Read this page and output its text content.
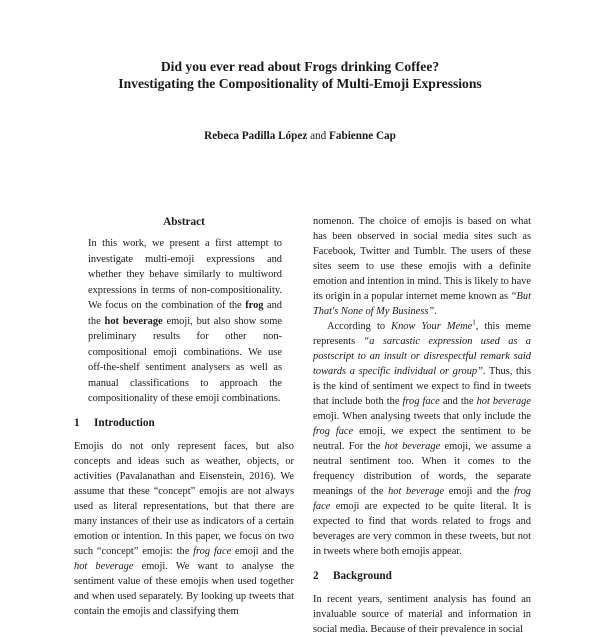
Did you ever read about Frogs drinking Coffee?
Investigating the Compositionality of Multi-Emoji Expressions
Rebeca Padilla López and Fabienne Cap
Abstract

In this work, we present a first attempt to investigate multi-emoji expressions and whether they behave similarly to multiword expressions in terms of non-compositionality. We focus on the combination of the frog and the hot beverage emoji, but also show some preliminary results for other non-compositional emoji combinations. We use off-the-shelf sentiment analysers as well as manual classifications to approach the compositionality of these emoji combinations.

1 Introduction

Emojis do not only represent faces, but also concepts and ideas such as weather, objects, or activities (Pavalanathan and Eisenstein, 2016). We assume that these “concept” emojis are not always used as literal representations, but that there are many instances of their use as indicators of a certain emotion or intention. In this paper, we focus on two such “concept” emojis: the frog face emoji and the hot beverage emoji. We want to analyse the sentiment value of these emojis when used together and when used separately. By looking up tweets that contain the emojis and classifying them

nomenon. The choice of emojis is based on what has been observed in social media sites such as Facebook, Twitter and Tumblr. The users of these sites seem to use these emojis with a definite emotion and intention in mind. This is likely to have its origin in a popular internet meme known as “But That's None of My Business”.

According to Know Your Meme$^1$, this meme represents “a sarcastic expression used as a postscript to an insult or disrespectful remark said towards a specific individual or group”. Thus, this is the kind of sentiment we expect to find in tweets that include both the frog face and the hot beverage emoji. When analysing tweets that only include the frog face emoji, we expect the sentiment to be neutral. For the hot beverage emoji, we assume a neutral sentiment too. When it comes to the frequency distribution of words, the separate meanings of the hot beverage emoji and the frog face emoji are expected to be quite literal. It is expected to find that words related to frogs and beverages are very common in these tweets, but not in tweets where both emojis appear.

2 Background

In recent years, sentiment analysis has found an invaluable source of material and information in social media. Because of their prevalence in social
